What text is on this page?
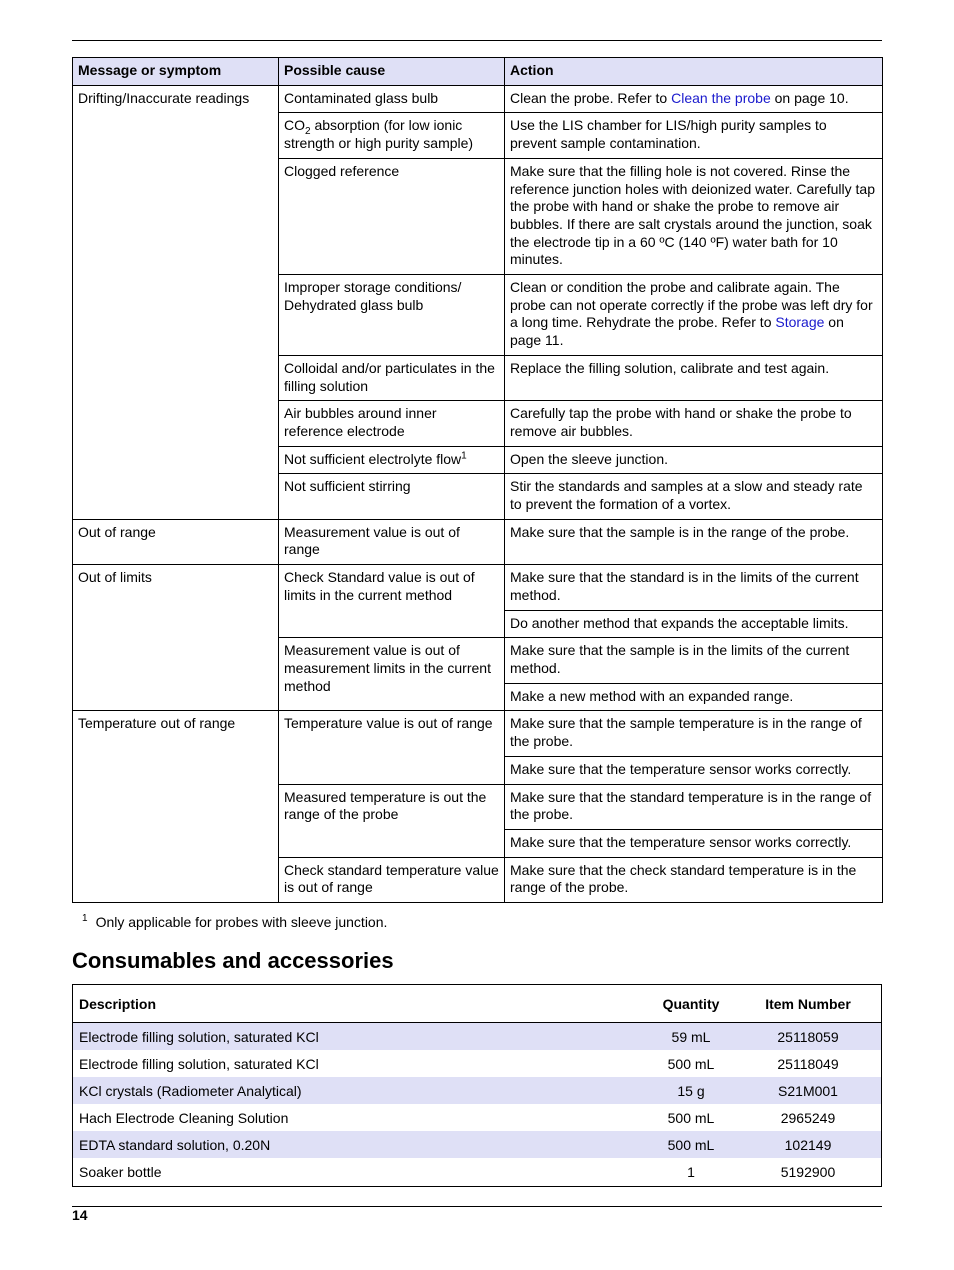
Message or symptom	Possible cause	Action
Drifting/Inaccurate readings	Contaminated glass bulb	Clean the probe. Refer to Clean the probe on page 10.
	$CO_2$ absorption (for low ionic strength or high purity sample)	Use the LIS chamber for LIS/high purity samples to prevent sample contamination.
	Clogged reference	Make sure that the filling hole is not covered. Rinse the reference junction holes with deionized water. Carefully tap the probe with hand or shake the probe to remove air bubbles. If there are salt crystals around the junction, soak the electrode tip in a 60 ºC (140 ºF) water bath for 10 minutes.
	Improper storage conditions/ Dehydrated glass bulb	Clean or condition the probe and calibrate again. The probe can not operate correctly if the probe was left dry for a long time. Rehydrate the probe. Refer to Storage on page 11.
	Colloidal and/or particulates in the filling solution	Replace the filling solution, calibrate and test again.
	Air bubbles around inner reference electrode	Carefully tap the probe with hand or shake the probe to remove air bubbles.
	Not sufficient electrolyte flow$^1$	Open the sleeve junction.
	Not sufficient stirring	Stir the standards and samples at a slow and steady rate to prevent the formation of a vortex.
Out of range	Measurement value is out of range	Make sure that the sample is in the range of the probe.
Out of limits	Check Standard value is out of limits in the current method	Make sure that the standard is in the limits of the current method.
		Do another method that expands the acceptable limits.
	Measurement value is out of measurement limits in the current method	Make sure that the sample is in the limits of the current method.
		Make a new method with an expanded range.
Temperature out of range	Temperature value is out of range	Make sure that the sample temperature is in the range of the probe.
		Make sure that the temperature sensor works correctly.
	Measured temperature is out the range of the probe	Make sure that the standard temperature is in the range of the probe.
		Make sure that the temperature sensor works correctly.
	Check standard temperature value is out of range	Make sure that the check standard temperature is in the range of the probe.
$^1$ Only applicable for probes with sleeve junction.
Consumables and accessories
Description	Quantity	Item Number
Electrode filling solution, saturated KCl	59 mL	25118059
Electrode filling solution, saturated KCl	500 mL	25118049
KCl crystals (Radiometer Analytical)	15 g	S21M001
Hach Electrode Cleaning Solution	500 mL	2965249
EDTA standard solution, 0.20N	500 mL	102149
Soaker bottle	1	5192900
14
